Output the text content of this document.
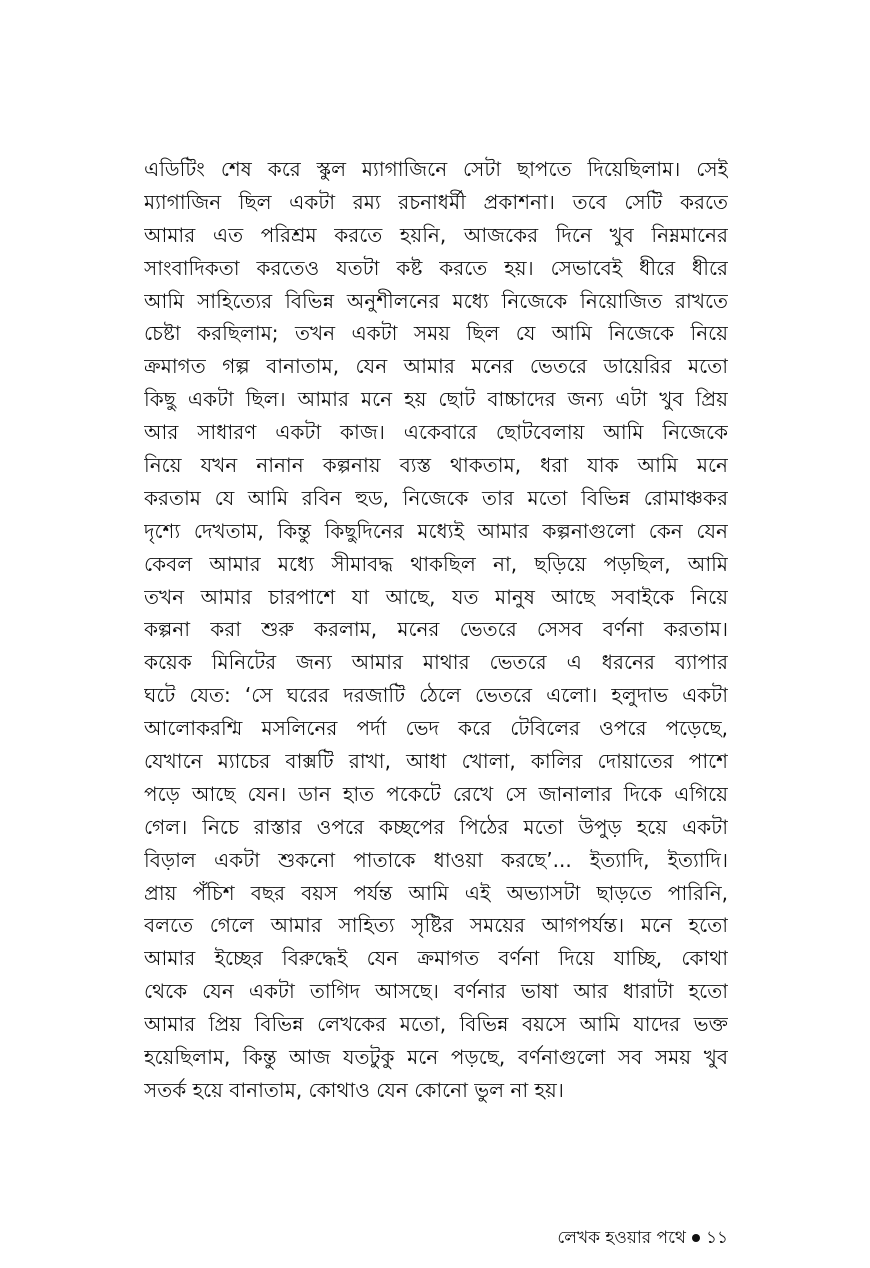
এডিটিং শেষ করে স্কুল ম্যাগাজিনে সেটা ছাপতে দিয়েছিলাম। সেই
ম্যাগাজিন ছিল একটা রম্য রচনাধর্মী প্রকাশনা। তবে সেটি করতে
আমার এত পরিশ্রম করতে হয়নি, আজকের দিনে খুব নিম্নমানের
সাংবাদিকতা করতেও যতটা কষ্ট করতে হয়। সেভাবেই ধীরে ধীরে
আমি সাহিত্যের বিভিন্ন অনুশীলনের মধ্যে নিজেকে নিয়োজিত রাখতে
চেষ্টা করছিলাম; তখন একটা সময় ছিল যে আমি নিজেকে নিয়ে
ক্রমাগত গল্প বানাতাম, যেন আমার মনের ভেতরে ডায়েরির মতো
কিছু একটা ছিল। আমার মনে হয় ছোট বাচ্চাদের জন্য এটা খুব প্রিয়
আর সাধারণ একটা কাজ। একেবারে ছোটবেলায় আমি নিজেকে
নিয়ে যখন নানান কল্পনায় ব্যস্ত থাকতাম, ধরা যাক আমি মনে
করতাম যে আমি রবিন হুড, নিজেকে তার মতো বিভিন্ন রোমাঞ্চকর
দৃশ্যে দেখতাম, কিন্তু কিছুদিনের মধ্যেই আমার কল্পনাগুলো কেন যেন
কেবল আমার মধ্যে সীমাবদ্ধ থাকছিল না, ছড়িয়ে পড়ছিল, আমি
তখন আমার চারপাশে যা আছে, যত মানুষ আছে সবাইকে নিয়ে
কল্পনা করা শুরু করলাম, মনের ভেতরে সেসব বর্ণনা করতাম।
কয়েক মিনিটের জন্য আমার মাথার ভেতরে এ ধরনের ব্যাপার
ঘটে যেত: ‘সে ঘরের দরজাটি ঠেলে ভেতরে এলো। হলুদাভ একটা
আলোকরশ্মি মসলিনের পর্দা ভেদ করে টেবিলের ওপরে পড়েছে,
যেখানে ম্যাচের বাক্সটি রাখা, আধা খোলা, কালির দোয়াতের পাশে
পড়ে আছে যেন। ডান হাত পকেটে রেখে সে জানালার দিকে এগিয়ে
গেল। নিচে রাস্তার ওপরে কচ্ছপের পিঠের মতো উপুড় হয়ে একটা
বিড়াল একটা শুকনো পাতাকে ধাওয়া করছে’... ইত্যাদি, ইত্যাদি।
প্রায় পঁচিশ বছর বয়স পর্যন্ত আমি এই অভ্যাসটা ছাড়তে পারিনি,
বলতে গেলে আমার সাহিত্য সৃষ্টির সময়ের আগপর্যন্ত। মনে হতো
আমার ইচ্ছের বিরুদ্ধেই যেন ক্রমাগত বর্ণনা দিয়ে যাচ্ছি, কোথা
থেকে যেন একটা তাগিদ আসছে। বর্ণনার ভাষা আর ধারাটা হতো
আমার প্রিয় বিভিন্ন লেখকের মতো, বিভিন্ন বয়সে আমি যাদের ভক্ত
হয়েছিলাম, কিন্তু আজ যতটুকু মনে পড়ছে, বর্ণনাগুলো সব সময় খুব
সতর্ক হয়ে বানাতাম, কোথাও যেন কোনো ভুল না হয়।
লেখক হওয়ার পথে ১১
